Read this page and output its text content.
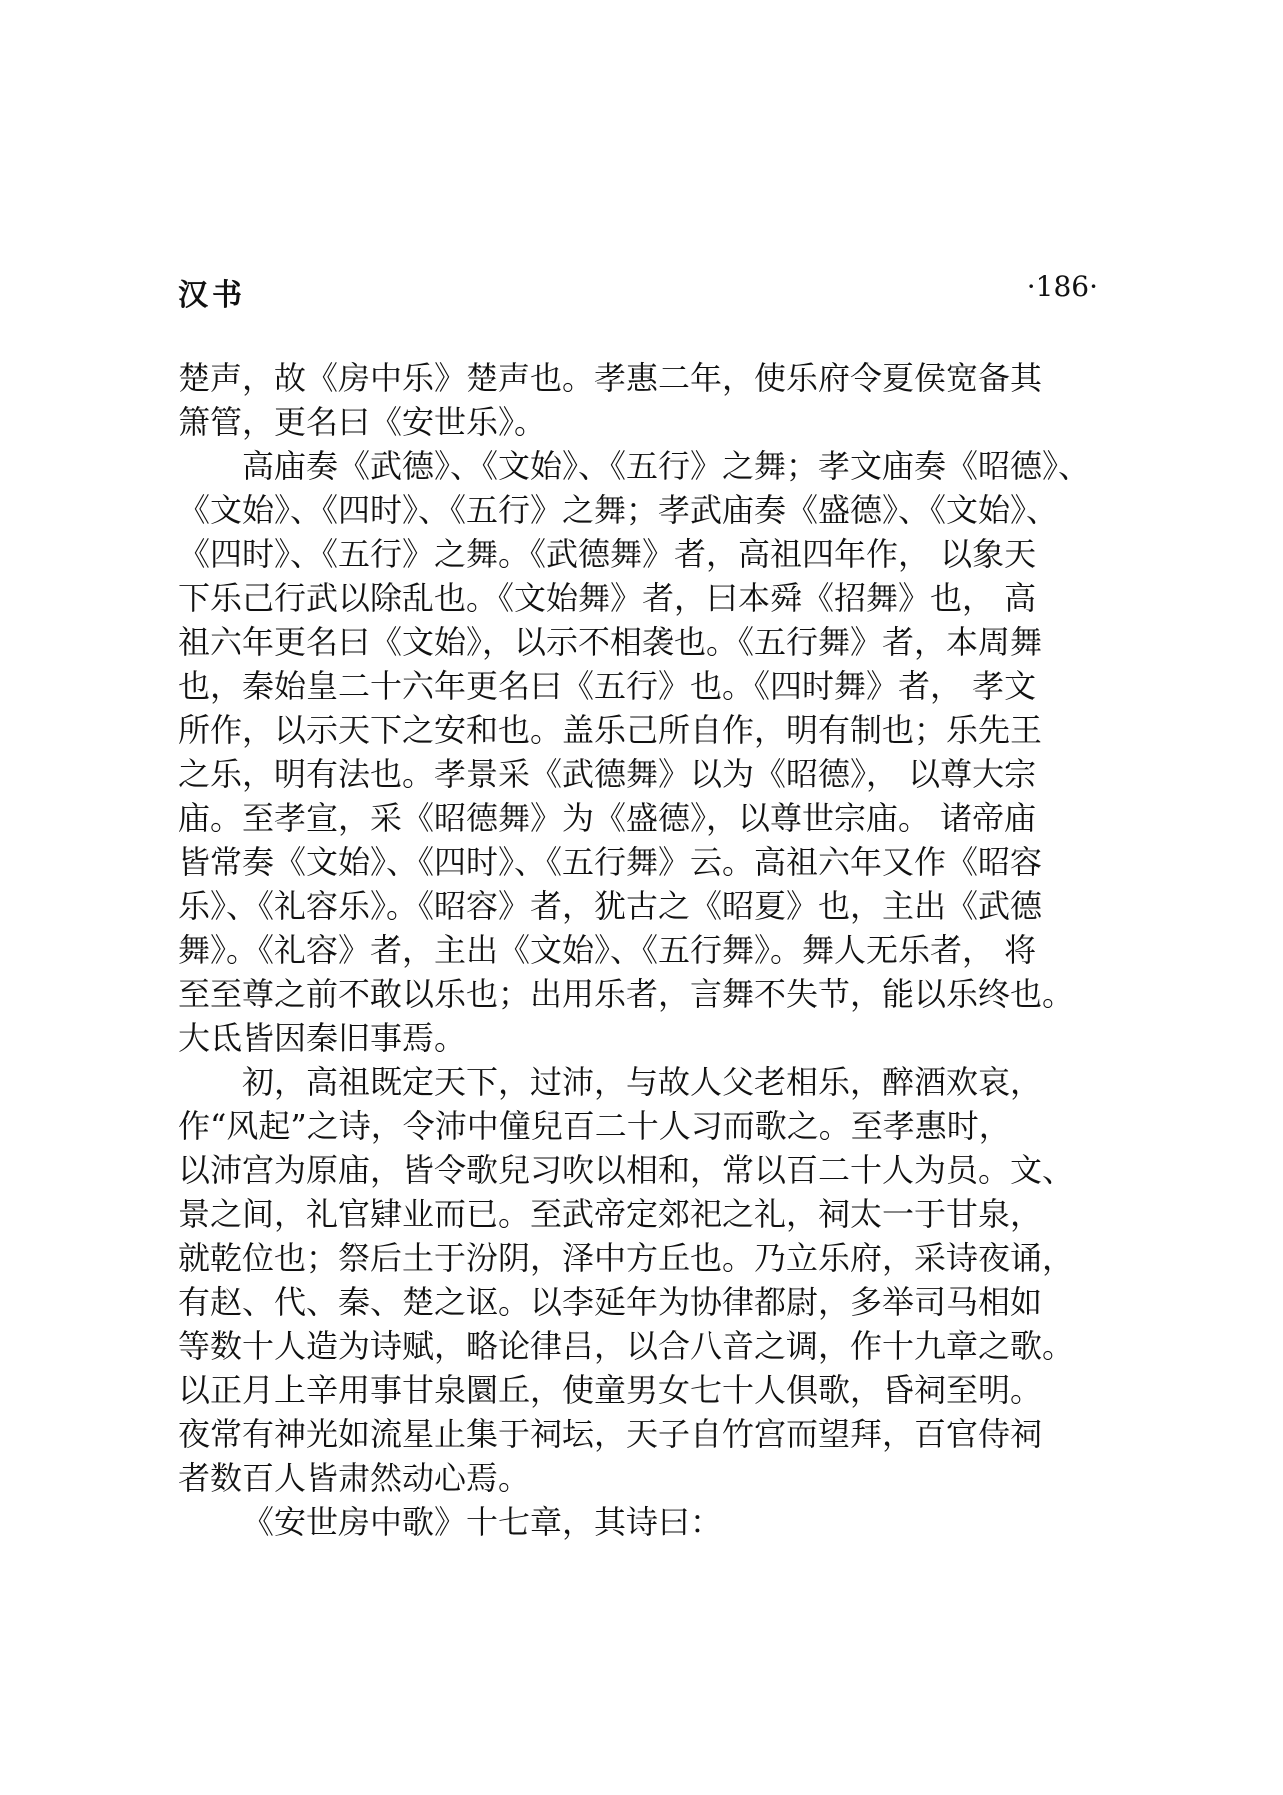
汉书	·186·
楚声，故《房中乐》楚声也。孝惠二年，使乐府令夏侯宽备其
箫管，更名曰《安世乐》。
高庙奏《武德》、《文始》、《五行》之舞；孝文庙奏《昭德》、
《文始》、《四时》、《五行》之舞；孝武庙奏《盛德》、《文始》、
《四时》、《五行》之舞。《武德舞》者，高祖四年作， 以象天
下乐己行武以除乱也。《文始舞》者，曰本舜《招舞》也， 高
祖六年更名曰《文始》，以示不相袭也。《五行舞》者，本周舞
也，秦始皇二十六年更名曰《五行》也。《四时舞》者， 孝文
所作，以示天下之安和也。盖乐己所自作，明有制也；乐先王
之乐，明有法也。孝景采《武德舞》以为《昭德》， 以尊大宗
庙。至孝宣，采《昭德舞》为《盛德》，以尊世宗庙。 诸帝庙
皆常奏《文始》、《四时》、《五行舞》云。高祖六年又作《昭容
乐》、《礼容乐》。《昭容》者，犹古之《昭夏》也，主出《武德
舞》。《礼容》者，主出《文始》、《五行舞》。舞人无乐者， 将
至至尊之前不敢以乐也；出用乐者，言舞不失节，能以乐终也。
大氐皆因秦旧事焉。
初，高祖既定天下，过沛，与故人父老相乐，醉酒欢哀，
作“风起”之诗，令沛中僮兒百二十人习而歌之。至孝惠时，
以沛宫为原庙，皆令歌兒习吹以相和，常以百二十人为员。文、
景之间，礼官肄业而已。至武帝定郊祀之礼，祠太一于甘泉，
就乾位也；祭后土于汾阴，泽中方丘也。乃立乐府，采诗夜诵，
有赵、代、秦、楚之讴。以李延年为协律都尉，多举司马相如
等数十人造为诗赋，略论律吕，以合八音之调，作十九章之歌。
以正月上辛用事甘泉圜丘，使童男女七十人俱歌，昏祠至明。
夜常有神光如流星止集于祠坛，天子自竹宫而望拜，百官侍祠
者数百人皆肃然动心焉。
《安世房中歌》十七章，其诗曰：
